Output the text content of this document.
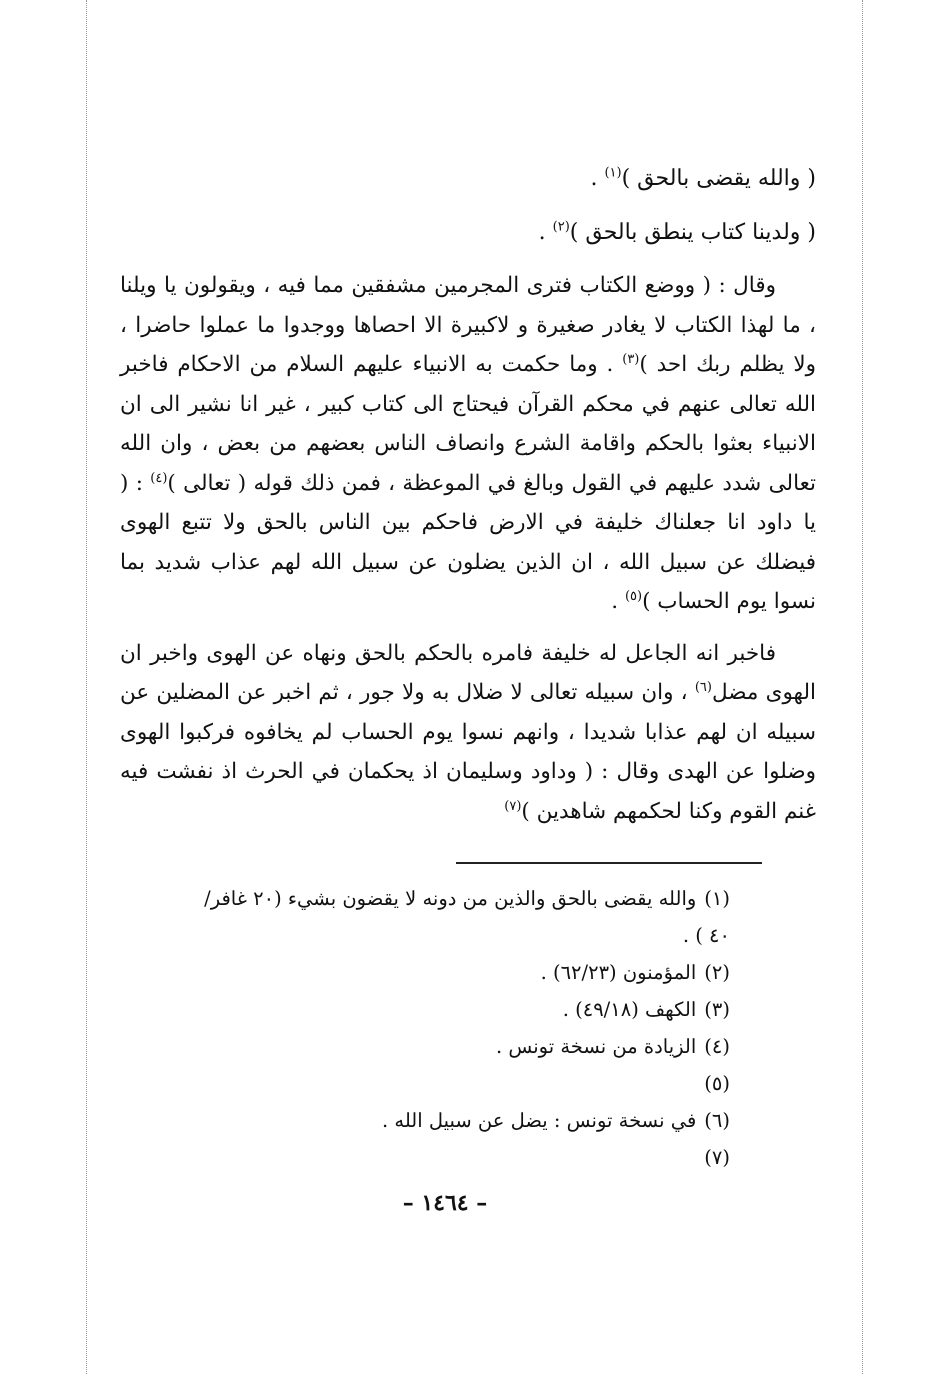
( والله يقضى بالحق )$^{(١)}$ .

( ولدينا كتاب ينطق بالحق )$^{(٢)}$ .

وقال : ( ووضع الكتاب فترى المجرمين مشفقين مما فيه ، ويقولون يا ويلنا ، ما لهذا الكتاب لا يغادر صغيرة و لاكبيرة الا احصاها ووجدوا ما عملوا حاضرا ، ولا يظلم ربك احد )$^{(٣)}$ . وما حكمت به الانبياء عليهم السلام من الاحكام فاخبر الله تعالى عنهم في محكم القرآن فيحتاج الى كتاب كبير ، غير انا نشير الى ان الانبياء بعثوا بالحكم واقامة الشرع وانصاف الناس بعضهم من بعض ، وان الله تعالى شدد عليهم في القول وبالغ في الموعظة ، فمن ذلك قوله ( تعالى )$^{(٤)}$ : ( يا داود انا جعلناك خليفة في الارض فاحكم بين الناس بالحق ولا تتبع الهوى فيضلك عن سبيل الله ، ان الذين يضلون عن سبيل الله لهم عذاب شديد بما نسوا يوم الحساب )$^{(٥)}$ .

فاخبر انه الجاعل له خليفة فامره بالحكم بالحق ونهاه عن الهوى واخبر ان الهوى مضل$^{(٦)}$ ، وان سبيله تعالى لا ضلال به ولا جور ، ثم اخبر عن المضلين عن سبيله ان لهم عذابا شديدا ، وانهم نسوا يوم الحساب لم يخافوه فركبوا الهوى وضلوا عن الهدى وقال : ( وداود وسليمان اذ يحكمان في الحرث اذ نفشت فيه غنم القوم وكنا لحكمهم شاهدين )$^{(٧)}$

(١)والله يقضى بالحق والذين من دونه لا يقضون بشيء (٢٠ غافر/

٤٠ ) .

(٢)المؤمنون (٦٢/٢٣) .

(٣)الكهف (٤٩/١٨) .

(٤)الزيادة من نسخة تونس .

(٥)

(٦)في نسخة تونس : يضل عن سبيل الله .

(٧)

– ١٤٦٤ –
